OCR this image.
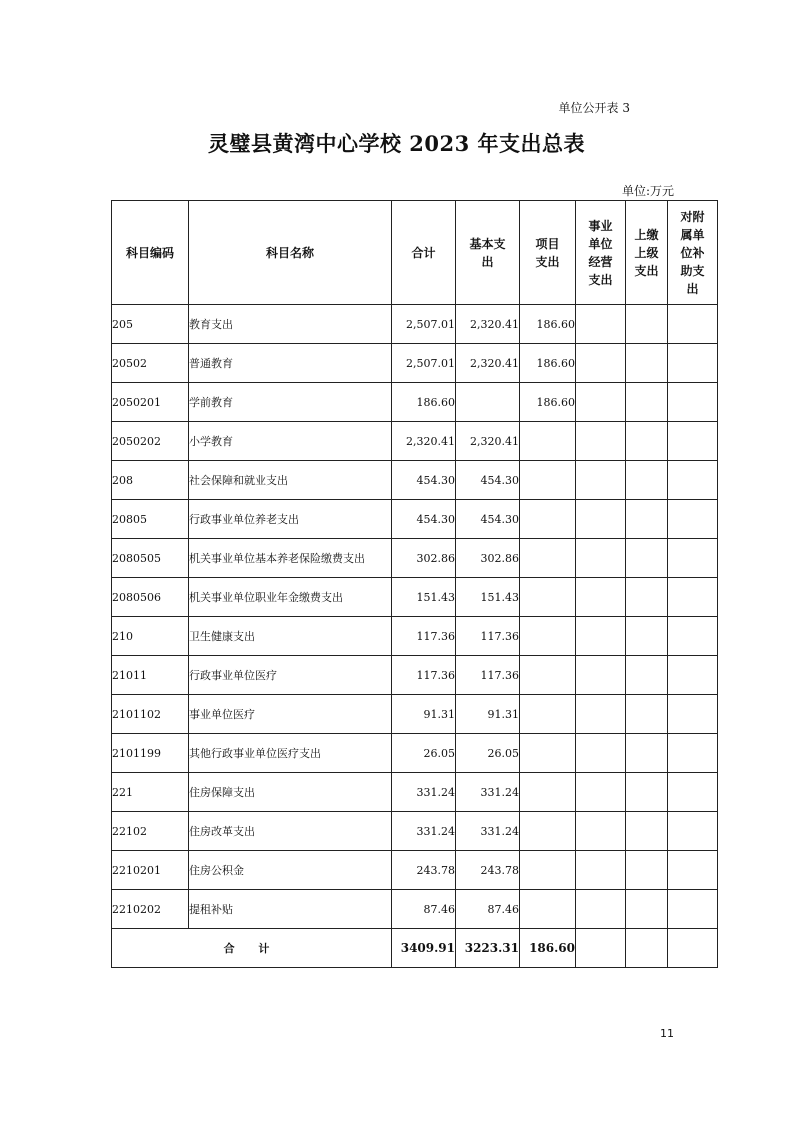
单位公开表 3
灵璧县黄湾中心学校 2023 年支出总表
单位:万元
科目编码	科目名称	合计	基本支出	项目支出	事业单位经营支出	上缴上级支出	对附属单位补助支出
205	教育支出	2,507.01	2,320.41	186.60			
20502	普通教育	2,507.01	2,320.41	186.60			
2050201	学前教育	186.60		186.60			
2050202	小学教育	2,320.41	2,320.41				
208	社会保障和就业支出	454.30	454.30				
20805	行政事业单位养老支出	454.30	454.30				
2080505	机关事业单位基本养老保险缴费支出	302.86	302.86				
2080506	机关事业单位职业年金缴费支出	151.43	151.43				
210	卫生健康支出	117.36	117.36				
21011	行政事业单位医疗	117.36	117.36				
2101102	事业单位医疗	91.31	91.31				
2101199	其他行政事业单位医疗支出	26.05	26.05				
221	住房保障支出	331.24	331.24				
22102	住房改革支出	331.24	331.24				
2210201	住房公积金	243.78	243.78				
2210202	提租补贴	87.46	87.46				
合 计		3409.91	3223.31	186.60			
11
